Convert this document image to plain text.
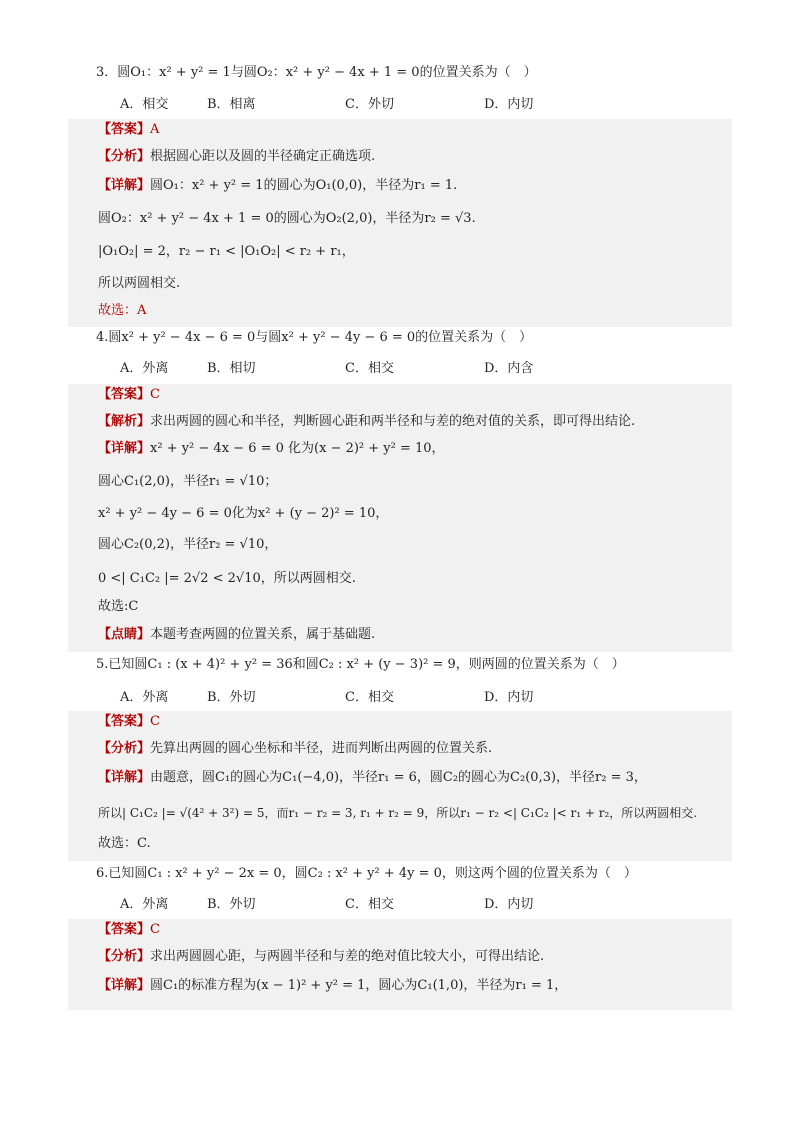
3．圆O₁：x² + y² = 1与圆O₂：x² + y² − 4x + 1 = 0的位置关系为（　）
A．相交	B．相离	C．外切	D．内切
【答案】A
【分析】根据圆心距以及圆的半径确定正确选项.
【详解】圆O₁：x² + y² = 1的圆心为O₁(0,0)，半径为r₁ = 1.
圆O₂：x² + y² − 4x + 1 = 0的圆心为O₂(2,0)，半径为r₂ = √3.
|O₁O₂| = 2，r₂ − r₁ < |O₁O₂| < r₂ + r₁，
所以两圆相交.
故选：A
4.圆x² + y² − 4x − 6 = 0与圆x² + y² − 4y − 6 = 0的位置关系为（　）
A．外离	B．相切	C．相交	D．内含
【答案】C
【解析】求出两圆的圆心和半径，判断圆心距和两半径和与差的绝对值的关系，即可得出结论.
【详解】x² + y² − 4x − 6 = 0 化为(x − 2)² + y² = 10，
圆心C₁(2,0)，半径r₁ = √10；
x² + y² − 4y − 6 = 0化为x² + (y − 2)² = 10，
圆心C₂(0,2)，半径r₂ = √10，
0 <| C₁C₂ |= 2√2 < 2√10，所以两圆相交.
故选:C
【点睛】本题考查两圆的位置关系，属于基础题.
5.已知圆C₁ : (x + 4)² + y² = 36和圆C₂ : x² + (y − 3)² = 9，则两圆的位置关系为（　）
A．外离	B．外切	C．相交	D．内切
【答案】C
【分析】先算出两圆的圆心坐标和半径，进而判断出两圆的位置关系.
【详解】由题意，圆C₁的圆心为C₁(−4,0)，半径r₁ = 6，圆C₂的圆心为C₂(0,3)，半径r₂ = 3，
所以| C₁C₂ |= √(4² + 3²) = 5，而r₁ − r₂ = 3, r₁ + r₂ = 9，所以r₁ − r₂ <| C₁C₂ |< r₁ + r₂，所以两圆相交.
故选：C.
6.已知圆C₁ : x² + y² − 2x = 0，圆C₂ : x² + y² + 4y = 0，则这两个圆的位置关系为（　）
A．外离	B．外切	C．相交	D．内切
【答案】C
【分析】求出两圆圆心距，与两圆半径和与差的绝对值比较大小，可得出结论.
【详解】圆C₁的标准方程为(x − 1)² + y² = 1，圆心为C₁(1,0)，半径为r₁ = 1，
